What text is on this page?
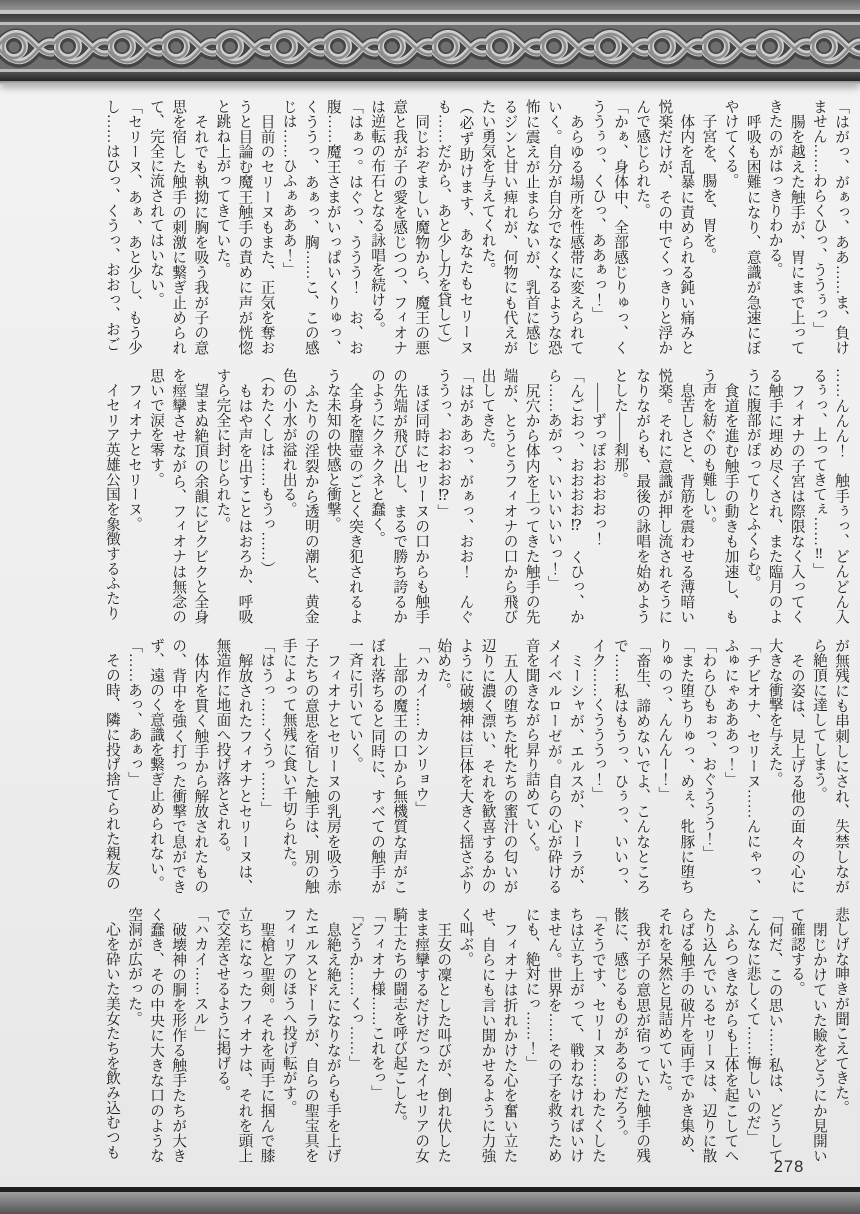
「はがっ、がぁっ、ああ……ま、負けません……わらくひっ、ううぅっ」

　腸を越えた触手が、胃にまで上ってきたのがはっきりわかる。

　呼吸も困難になり、意識が急速にぼやけてくる。

　子宮を、腸を、胃を。

　体内を乱暴に責められる鈍い痛みと悦楽だけが、その中でくっきりと浮かんで感じられた。

「かぁ、身体中、全部感じりゅっ、くううぅっ、くひっ、ああぁっ！」

　あらゆる場所を性感帯に変えられていく。自分が自分でなくなるような恐怖に震えが止まらないが、乳首に感じるジンと甘い痺れが、何物にも代えがたい勇気を与えてくれた。

（必ず助けます、あなたもセリーヌも……だから、あと少し力を貸して）

　同じおぞましい魔物から、魔王の悪意と我が子の愛を感じつつ、フィオナは逆転の布石となる詠唱を続ける。

「はぁっ。はぐっ、ううう！　お、お腹……魔王さまがいっぱいくりゅっ、くううっ、あぁっ、胸……こ、この感じは……ひふぁあああ！」

　目前のセリーヌもまた、正気を奪おうと目論む魔王触手の責めに声が恍惚と跳ね上がってきていた。

　それでも執拗に胸を吸う我が子の意思を宿した触手の刺激に繋ぎ止められて、完全に流されてはいない。

「セリーヌ、あぁ、あと少し、もう少し……はひっ、くうっ、おおっ、おご

……んんん！　触手ぅっ、どんどん入るぅっ、上ってきてぇ……‼」

　フィオナの子宮は際限なく入ってくる触手に埋め尽くされ、また臨月のように腹部がぽってりとふくらむ。

　食道を進む触手の動きも加速し、もう声を紡ぐのも難しい。

　息苦しさと、背筋を震わせる薄暗い悦楽。それに意識が押し流されそうになりながらも、最後の詠唱を始めようとした――刹那。

　――ずっぽおおおおっ！

「んごおっ、おおおお⁉　くひっ、から……あがっ、いいいいいっ！」

　尻穴から体内を上ってきた触手の先端が、とうとうフィオナの口から飛び出してきた。

「はがああっ、がぁっ、おお！　んぐううっ、おおおお⁉」

　ほぼ同時にセリーヌの口からも触手の先端が飛び出し、まるで勝ち誇るかのようにクネクネと蠢く。

　全身を膣壺のごとく突き犯されるような未知の快感と衝撃。

　ふたりの淫裂から透明の潮と、黄金色の小水が溢れ出る。

（わたくしは……もうっ……）

　もはや声を出すことはおろか、呼吸すら完全に封じられた。

　望まぬ絶頂の余韻にビクビクと全身を痙攣させながら、フィオナは無念の思いで涙を零す。

　フィオナとセリーヌ。

　イセリア英雄公国を象徴するふたり

が無残にも串刺しにされ、失禁しながら絶頂に達してしまう。

　その姿は、見上げる他の面々の心に大きな衝撃を与えた。

「チビオナ、セリーヌ……んにゃっ、ふゅにゃあああっ！」

「わらひもぉっ、おぐううう！」

「また堕ちりゅっ、めぇ、牝豚に堕ちりゅのっ、んんんー！」

「畜生、諦めないでよ、こんなところで……私はもうっ、ひぅっ、いいっ、イク……くうううっ！」

　ミーシャが、エルスが、ドーラが、メイベルローゼが。自らの心が砕ける音を聞きながら昇り詰めていく。

　五人の堕ちた牝たちの蜜汁の匂いが辺りに濃く漂い、それを歓喜するかのように破壊神は巨体を大きく揺さぶり始めた。

「ハカイ……カンリョウ」

　上部の魔王の口から無機質な声がこぼれ落ちると同時に、すべての触手が一斉に引いていく。

　フィオナとセリーヌの乳房を吸う赤子たちの意思を宿した触手は、別の触手によって無残に食い千切られた。

「はうっ……くうっ……」

　解放されたフィオナとセリーヌは、無造作に地面へ投げ落とされる。

　体内を貫く触手から解放されたものの、背中を強く打った衝撃で息ができず、遠のく意識を繋ぎ止められない。

「……あっ、あぁっ」

　その時、隣に投げ捨てられた親友の

悲しげな呻きが聞こえてきた。

　閉じかけていた瞼をどうにか見開いて確認する。

「何だ、この思い……私は、どうしてこんなに悲しくて……悔しいのだ」

　ふらつきながらも上体を起こしてへたり込んでいるセリーヌは、辺りに散らばる触手の破片を両手でかき集め、それを呆然と見詰めていた。

　我が子の意思が宿っていた触手の残骸に、感じるものがあるのだろう。

「そうです、セリーヌ……わたくしたちは立ち上がって、戦わなければいけません。世界を……その子を救うためにも、絶対にっ……！」

　フィオナは折れかけた心を奮い立たせ、自らにも言い聞かせるように力強く叫ぶ。

　王女の凜とした叫びが、倒れ伏したまま痙攣するだけだったイセリアの女騎士たちの闘志を呼び起こした。

「フィオナ様……これをっ」

「どうか……くっ……」

　息絶え絶えになりながらも手を上げたエルスとドーラが、自らの聖宝具をフィリアのほうへ投げ転がす。

　聖槍と聖剣。それを両手に掴んで膝立ちになったフィオナは、それを頭上で交差させるように掲げる。

「ハカイ……スル」

　破壊神の胴を形作る触手たちが大きく蠢き、その中央に大きな口のような空洞が広がった。

　心を砕いた美女たちを飲み込むつも

278
